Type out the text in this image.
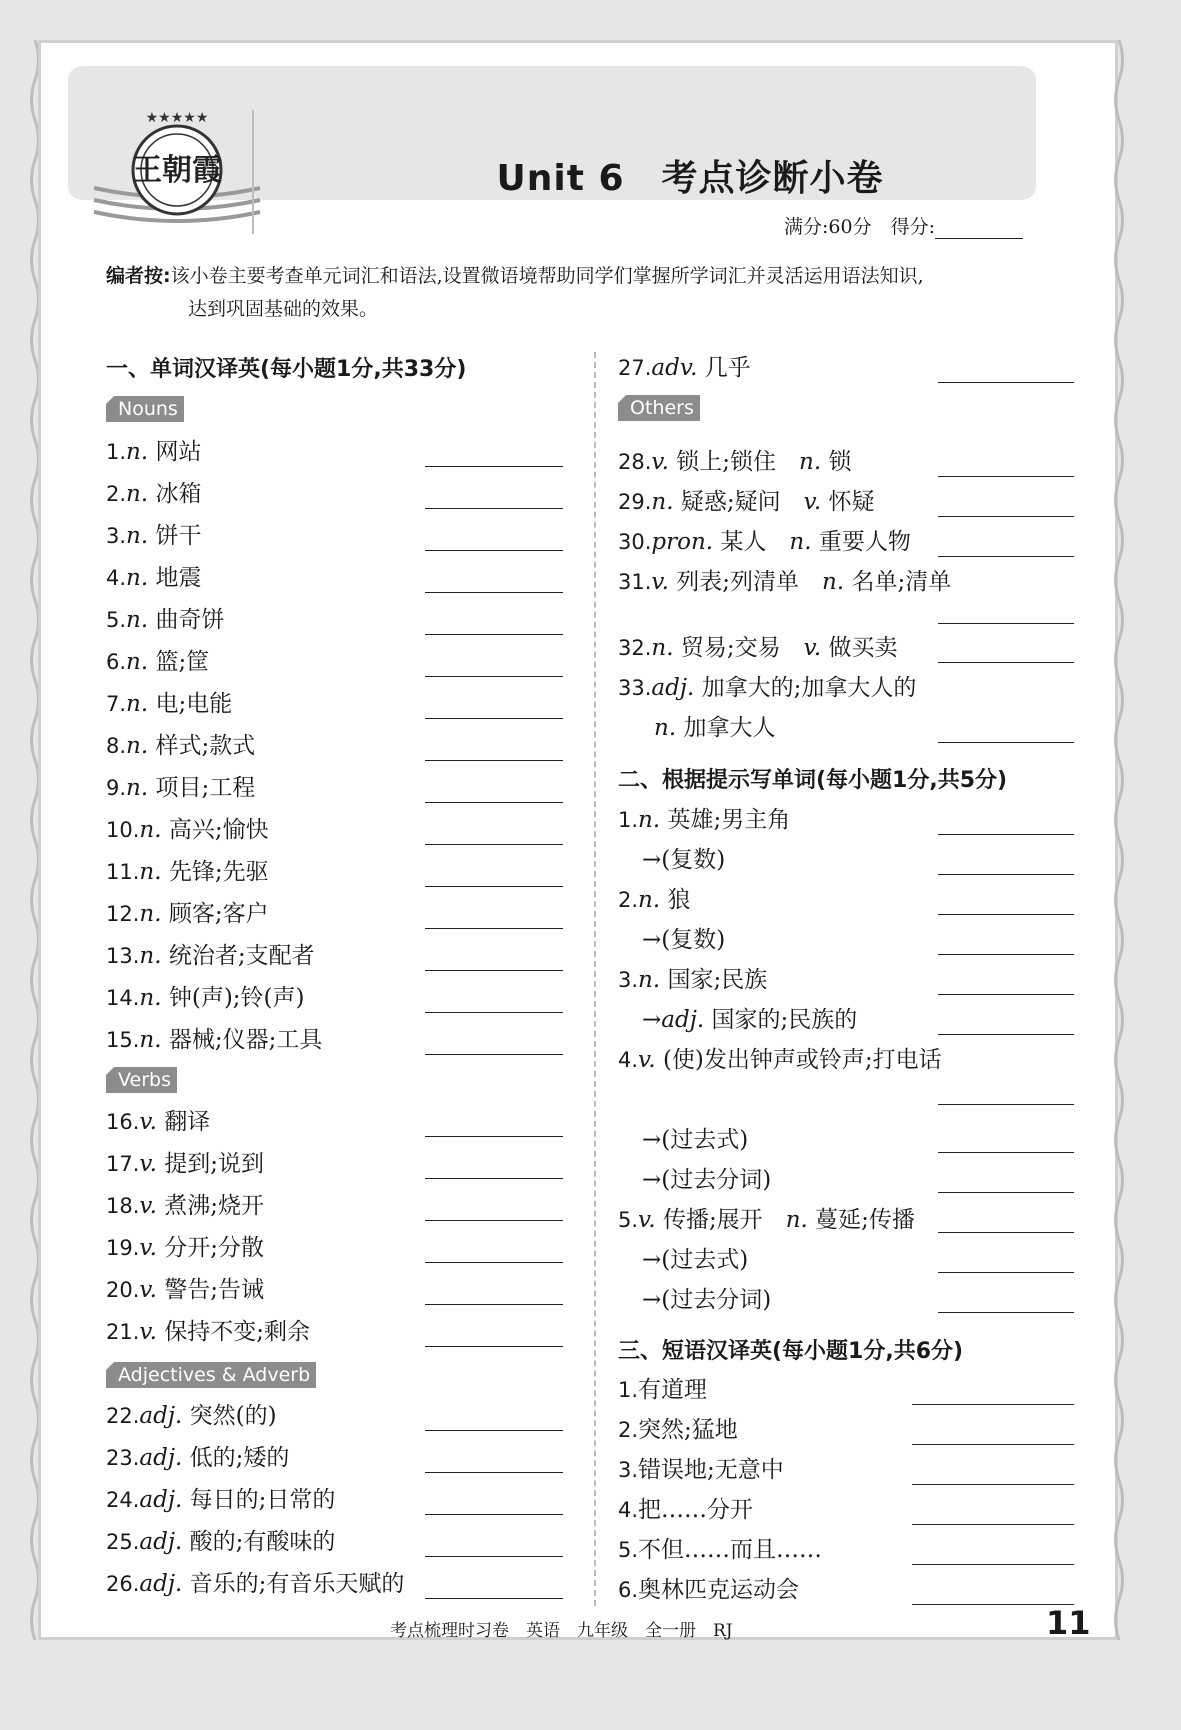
★★★★★
王朝霞	Unit 6　考点诊断小卷
满分:60分　得分:
编者按:该小卷主要考查单元词汇和语法,设置微语境帮助同学们掌握所学词汇并灵活运用语法知识,
达到巩固基础的效果。
一、单词汉译英(每小题1分,共33分)
Nouns
Verbs
Adjectives & Adverb
1.n. 网站
2.n. 冰箱
3.n. 饼干
4.n. 地震
5.n. 曲奇饼
6.n. 篮;筐
7.n. 电;电能
8.n. 样式;款式
9.n. 项目;工程
10.n. 高兴;愉快
11.n. 先锋;先驱
12.n. 顾客;客户
13.n. 统治者;支配者
14.n. 钟(声);铃(声)
15.n. 器械;仪器;工具
16.v. 翻译
17.v. 提到;说到
18.v. 煮沸;烧开
19.v. 分开;分散
20.v. 警告;告诫
21.v. 保持不变;剩余
22.adj. 突然(的)
23.adj. 低的;矮的
24.adj. 每日的;日常的
25.adj. 酸的;有酸味的
26.adj. 音乐的;有音乐天赋的
Others
27.adv. 几乎
28.v. 锁上;锁住　n. 锁
29.n. 疑惑;疑问　v. 怀疑
30.pron. 某人　n. 重要人物
31.v. 列表;列清单　n. 名单;清单
32.n. 贸易;交易　v. 做买卖
33.adj. 加拿大的;加拿大人的
n. 加拿大人
二、根据提示写单词(每小题1分,共5分)
1.n. 英雄;男主角
→(复数)
2.n. 狼
→(复数)
3.n. 国家;民族
→adj. 国家的;民族的
4.v. (使)发出钟声或铃声;打电话
→(过去式)
→(过去分词)
5.v. 传播;展开　n. 蔓延;传播
→(过去式)
→(过去分词)
三、短语汉译英(每小题1分,共6分)
1.有道理
2.突然;猛地
3.错误地;无意中
4.把……分开
5.不但……而且……
6.奥林匹克运动会
考点梳理时习卷　英语　九年级　全一册　RJ	11
